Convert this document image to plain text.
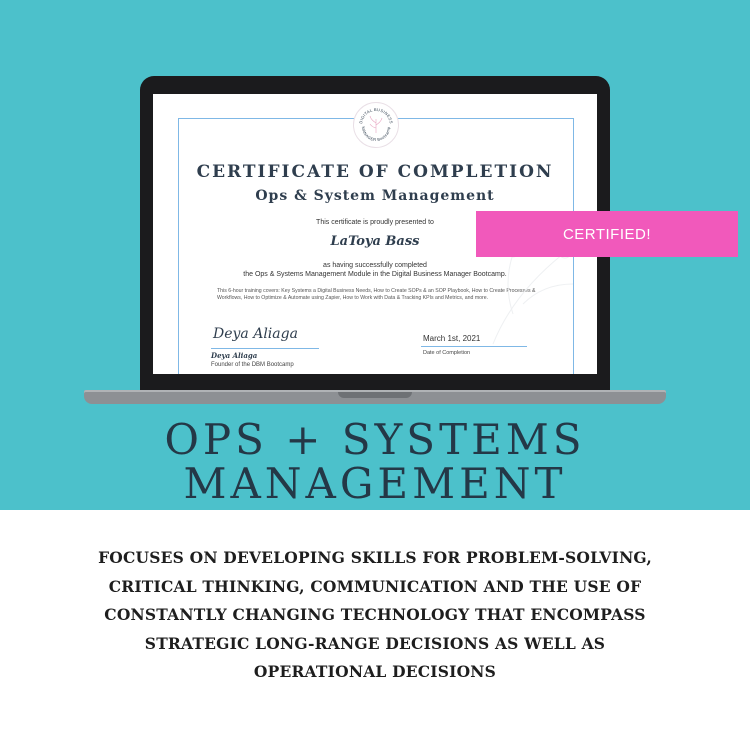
DIGITAL BUSINESS
MANAGER Bootcamp
CERTIFICATE OF COMPLETION
Ops & System Management
This certificate is proudly presented to
LaToya Bass
as having successfully completed
the Ops & Systems Management Module in the Digital Business Manager Bootcamp.
This 6-hour training covers: Key Systems a Digital Business Needs, How to Create SOPs & an SOP Playbook, How to Create Processes & Workflows, How to Optimize & Automate using Zapier, How to Work with Data & Tracking KPIs and Metrics, and more.
Deya Aliaga
Deya Aliaga
Founder of the DBM Bootcamp
March 1st, 2021
Date of Completion
CERTIFIED!
OPS + SYSTEMS
MANAGEMENT
FOCUSES ON DEVELOPING SKILLS FOR PROBLEM-SOLVING,
CRITICAL THINKING, COMMUNICATION AND THE USE OF
CONSTANTLY CHANGING TECHNOLOGY THAT ENCOMPASS
STRATEGIC LONG-RANGE DECISIONS AS WELL AS
OPERATIONAL DECISIONS
